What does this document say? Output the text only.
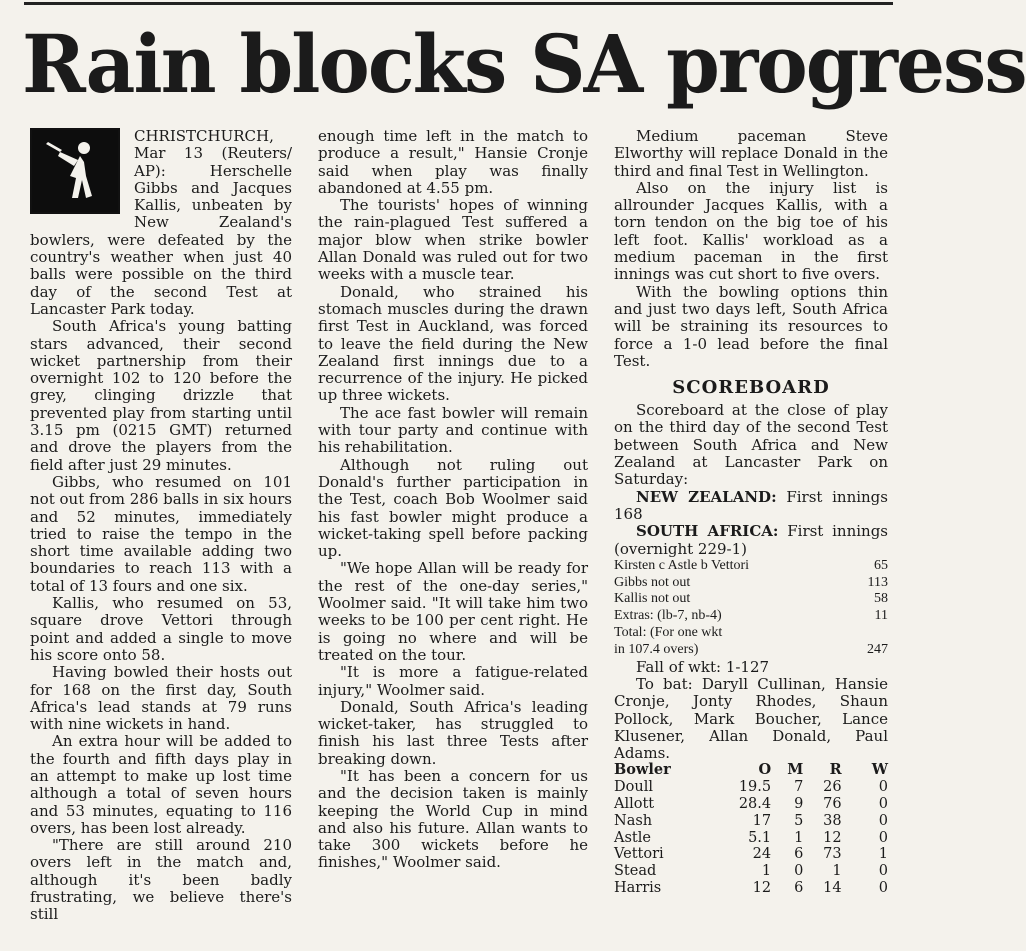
Rain blocks SA progress

CHRISTCHURCH, Mar 13 (Reuters/ AP): Herschelle Gibbs and Jacques Kallis, unbeaten by New Zealand's bowlers, were defeated by the country's weather when just 40 balls were possible on the third day of the second Test at Lancaster Park today.

South Africa's young batting stars advanced, their second wicket partnership from their overnight 102 to 120 before the grey, clinging drizzle that prevented play from starting until 3.15 pm (0215 GMT) returned and drove the players from the field after just 29 minutes.

Gibbs, who resumed on 101 not out from 286 balls in six hours and 52 minutes, immediately tried to raise the tempo in the short time available adding two boundaries to reach 113 with a total of 13 fours and one six.

Kallis, who resumed on 53, square drove Vettori through point and added a single to move his score onto 58.

Having bowled their hosts out for 168 on the first day, South Africa's lead stands at 79 runs with nine wickets in hand.

An extra hour will be added to the fourth and fifth days play in an attempt to make up lost time although a total of seven hours and 53 minutes, equating to 116 overs, has been lost already.

"There are still around 210 overs left in the match and, although it's been badly frustrating, we believe there's still

enough time left in the match to produce a result," Hansie Cronje said when play was finally abandoned at 4.55 pm.

The tourists' hopes of winning the rain-plagued Test suffered a major blow when strike bowler Allan Donald was ruled out for two weeks with a muscle tear.

Donald, who strained his stomach muscles during the drawn first Test in Auckland, was forced to leave the field during the New Zealand first innings due to a recurrence of the injury. He picked up three wickets.

The ace fast bowler will remain with tour party and continue with his rehabilitation.

Although not ruling out Donald's further participation in the Test, coach Bob Woolmer said his fast bowler might produce a wicket-taking spell before packing up.

"We hope Allan will be ready for the rest of the one-day series," Woolmer said. "It will take him two weeks to be 100 per cent right. He is going no where and will be treated on the tour.

"It is more a fatigue-related injury," Woolmer said.

Donald, South Africa's leading wicket-taker, has struggled to finish his last three Tests after breaking down.

"It has been a concern for us and the decision taken is mainly keeping the World Cup in mind and also his future. Allan wants to take 300 wickets before he finishes," Woolmer said.

Medium paceman Steve Elworthy will replace Donald in the third and final Test in Wellington.

Also on the injury list is allrounder Jacques Kallis, with a torn tendon on the big toe of his left foot. Kallis' workload as a medium paceman in the first innings was cut short to five overs.

With the bowling options thin and just two days left, South Africa will be straining its resources to force a 1-0 lead before the final Test.

SCOREBOARD

Scoreboard at the close of play on the third day of the second Test between South Africa and New Zealand at Lancaster Park on Saturday:

NEW ZEALAND: First innings 168

SOUTH AFRICA: First innings (overnight 229-1)

Kirsten c Astle b Vettori	65
Gibbs not out	113
Kallis not out	58
Extras: (lb-7, nb-4)	11
Total: (For one wkt
in 107.4 overs)	247

Fall of wkt: 1-127

To bat: Daryll Cullinan, Hansie Cronje, Jonty Rhodes, Shaun Pollock, Mark Boucher, Lance Klusener, Allan Donald, Paul Adams.

Bowler	O	M	R	W
Doull	19.5	7	26	0
Allott	28.4	9	76	0
Nash	17	5	38	0
Astle	5.1	1	12	0
Vettori	24	6	73	1
Stead	1	0	1	0
Harris	12	6	14	0
